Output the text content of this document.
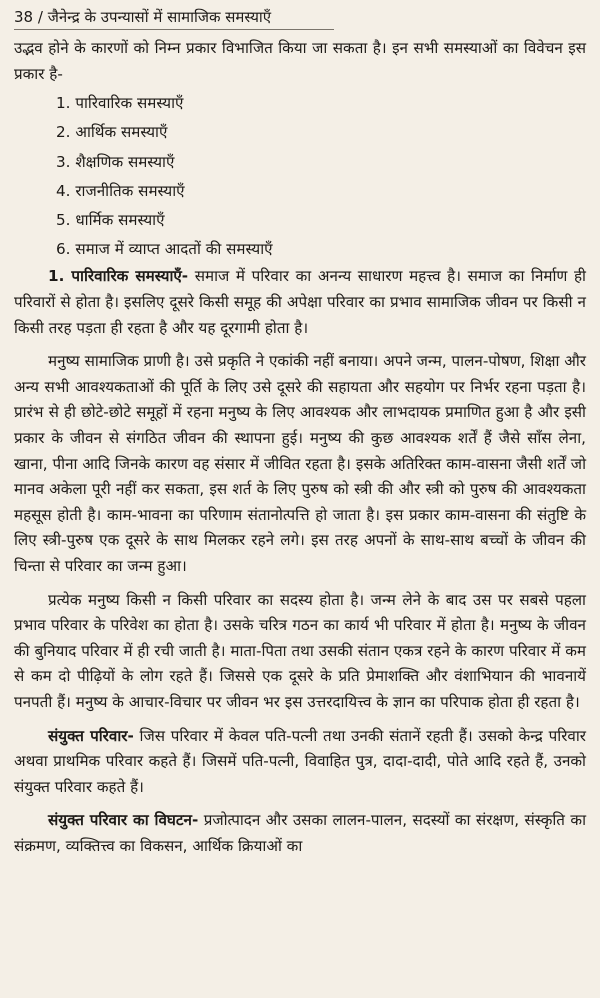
38 / जैनेन्द्र के उपन्यासों में सामाजिक समस्याएँ

उद्भव होने के कारणों को निम्न प्रकार विभाजित किया जा सकता है। इन सभी समस्याओं का विवेचन इस प्रकार है-

1. पारिवारिक समस्याएँ
2. आर्थिक समस्याएँ
3. शैक्षणिक समस्याएँ
4. राजनीतिक समस्याएँ
5. धार्मिक समस्याएँ
6. समाज में व्याप्त आदतों की समस्याएँ

1. पारिवारिक समस्याएँ- समाज में परिवार का अनन्य साधारण महत्त्व है। समाज का निर्माण ही परिवारों से होता है। इसलिए दूसरे किसी समूह की अपेक्षा परिवार का प्रभाव सामाजिक जीवन पर किसी न किसी तरह पड़ता ही रहता है और यह दूरगामी होता है।

मनुष्य सामाजिक प्राणी है। उसे प्रकृति ने एकांकी नहीं बनाया। अपने जन्म, पालन-पोषण, शिक्षा और अन्य सभी आवश्यकताओं की पूर्ति के लिए उसे दूसरे की सहायता और सहयोग पर निर्भर रहना पड़ता है। प्रारंभ से ही छोटे-छोटे समूहों में रहना मनुष्य के लिए आवश्यक और लाभदायक प्रमाणित हुआ है और इसी प्रकार के जीवन से संगठित जीवन की स्थापना हुई। मनुष्य की कुछ आवश्यक शर्तें हैं जैसे साँस लेना, खाना, पीना आदि जिनके कारण वह संसार में जीवित रहता है। इसके अतिरिक्त काम-वासना जैसी शर्तें जो मानव अकेला पूरी नहीं कर सकता, इस शर्त के लिए पुरुष को स्त्री की और स्त्री को पुरुष की आवश्यकता महसूस होती है। काम-भावना का परिणाम संतानोत्पत्ति हो जाता है। इस प्रकार काम-वासना की संतुष्टि के लिए स्त्री-पुरुष एक दूसरे के साथ मिलकर रहने लगे। इस तरह अपनों के साथ-साथ बच्चों के जीवन की चिन्ता से परिवार का जन्म हुआ।

प्रत्येक मनुष्य किसी न किसी परिवार का सदस्य होता है। जन्म लेने के बाद उस पर सबसे पहला प्रभाव परिवार के परिवेश का होता है। उसके चरित्र गठन का कार्य भी परिवार में होता है। मनुष्य के जीवन की बुनियाद परिवार में ही रची जाती है। माता-पिता तथा उसकी संतान एकत्र रहने के कारण परिवार में कम से कम दो पीढ़ियों के लोग रहते हैं। जिससे एक दूसरे के प्रति प्रेमाशक्ति और वंशाभियान की भावनायें पनपती हैं। मनुष्य के आचार-विचार पर जीवन भर इस उत्तरदायित्त्व के ज्ञान का परिपाक होता ही रहता है।

संयुक्त परिवार- जिस परिवार में केवल पति-पत्नी तथा उनकी संतानें रहती हैं। उसको केन्द्र परिवार अथवा प्राथमिक परिवार कहते हैं। जिसमें पति-पत्नी, विवाहित पुत्र, दादा-दादी, पोते आदि रहते हैं, उनको संयुक्त परिवार कहते हैं।

संयुक्त परिवार का विघटन- प्रजोत्पादन और उसका लालन-पालन, सदस्यों का संरक्षण, संस्कृति का संक्रमण, व्यक्तित्त्व का विकसन, आर्थिक क्रियाओं का
